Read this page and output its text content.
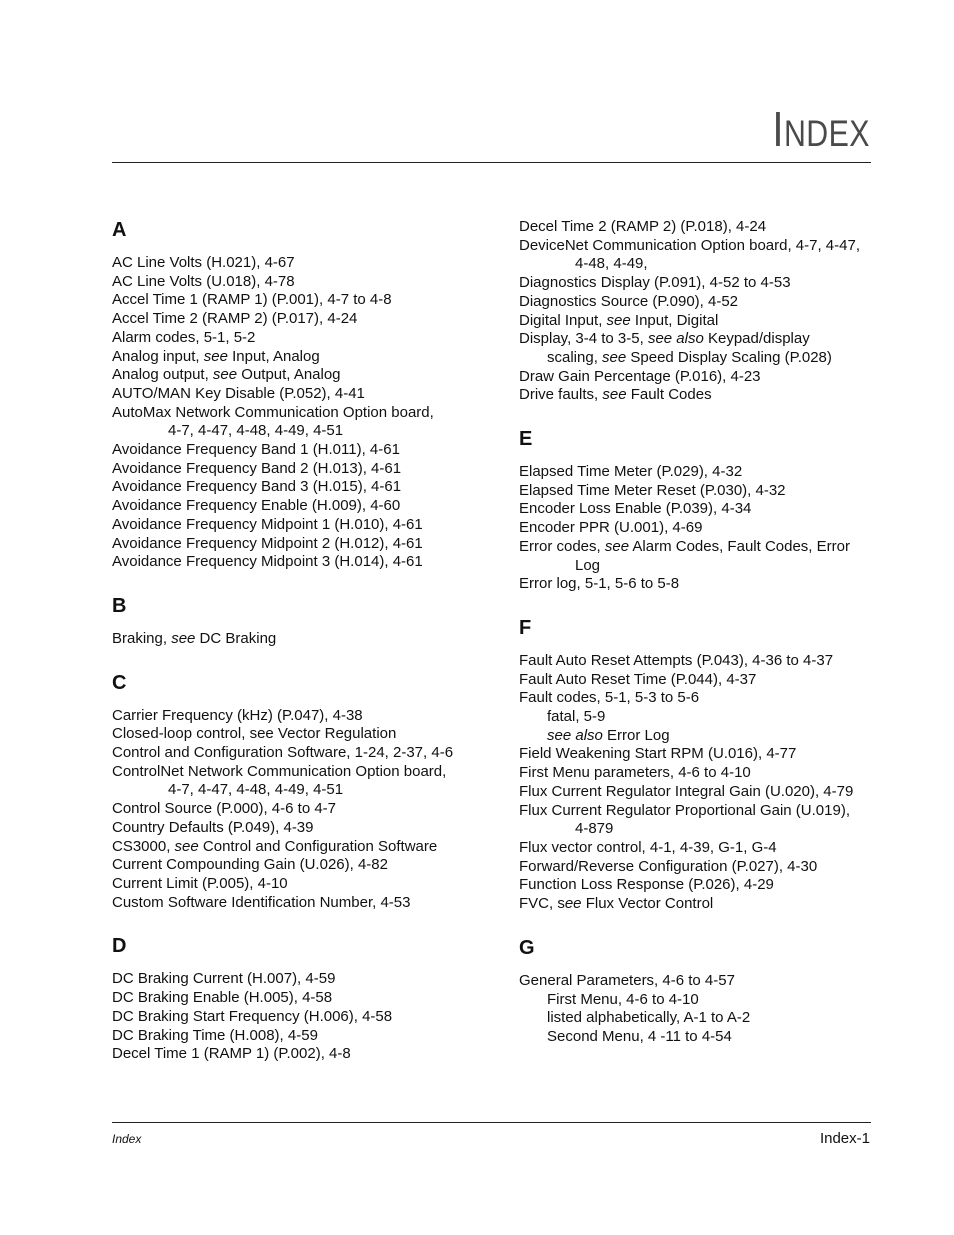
INDEX
A
AC Line Volts (H.021), 4-67
AC Line Volts (U.018), 4-78
Accel Time 1 (RAMP 1) (P.001), 4-7 to 4-8
Accel Time 2 (RAMP 2) (P.017), 4-24
Alarm codes, 5-1, 5-2
Analog input, see Input, Analog
Analog output, see Output, Analog
AUTO/MAN Key Disable (P.052), 4-41
AutoMax Network Communication Option board,
4-7, 4-47, 4-48, 4-49, 4-51
Avoidance Frequency Band 1 (H.011), 4-61
Avoidance Frequency Band 2 (H.013), 4-61
Avoidance Frequency Band 3 (H.015), 4-61
Avoidance Frequency Enable (H.009), 4-60
Avoidance Frequency Midpoint 1 (H.010), 4-61
Avoidance Frequency Midpoint 2 (H.012), 4-61
Avoidance Frequency Midpoint 3 (H.014), 4-61
B
Braking, see DC Braking
C
Carrier Frequency (kHz) (P.047), 4-38
Closed-loop control, see Vector Regulation
Control and Configuration Software, 1-24, 2-37, 4-6
ControlNet Network Communication Option board,
4-7, 4-47, 4-48, 4-49, 4-51
Control Source (P.000), 4-6 to 4-7
Country Defaults (P.049), 4-39
CS3000, see Control and Configuration Software
Current Compounding Gain (U.026), 4-82
Current Limit (P.005), 4-10
Custom Software Identification Number, 4-53
D
DC Braking Current (H.007), 4-59
DC Braking Enable (H.005), 4-58
DC Braking Start Frequency (H.006), 4-58
DC Braking Time (H.008), 4-59
Decel Time 1 (RAMP 1) (P.002), 4-8
Decel Time 2 (RAMP 2) (P.018), 4-24
DeviceNet Communication Option board, 4-7, 4-47,
4-48, 4-49,
Diagnostics Display (P.091), 4-52 to 4-53
Diagnostics Source (P.090), 4-52
Digital Input, see Input, Digital
Display, 3-4 to 3-5, see also Keypad/display
scaling, see Speed Display Scaling (P.028)
Draw Gain Percentage (P.016), 4-23
Drive faults, see Fault Codes
E
Elapsed Time Meter (P.029), 4-32
Elapsed Time Meter Reset (P.030), 4-32
Encoder Loss Enable (P.039), 4-34
Encoder PPR (U.001), 4-69
Error codes, see Alarm Codes, Fault Codes, Error
Log
Error log, 5-1, 5-6 to 5-8
F
Fault Auto Reset Attempts (P.043), 4-36 to 4-37
Fault Auto Reset Time (P.044), 4-37
Fault codes, 5-1, 5-3 to 5-6
fatal, 5-9
see also Error Log
Field Weakening Start RPM (U.016), 4-77
First Menu parameters, 4-6 to 4-10
Flux Current Regulator Integral Gain (U.020), 4-79
Flux Current Regulator Proportional Gain (U.019),
4-879
Flux vector control, 4-1, 4-39, G-1, G-4
Forward/Reverse Configuration (P.027), 4-30
Function Loss Response (P.026), 4-29
FVC, see Flux Vector Control
G
General Parameters, 4-6 to 4-57
First Menu, 4-6 to 4-10
listed alphabetically, A-1 to A-2
Second Menu, 4 -11 to 4-54
Index	Index-1
